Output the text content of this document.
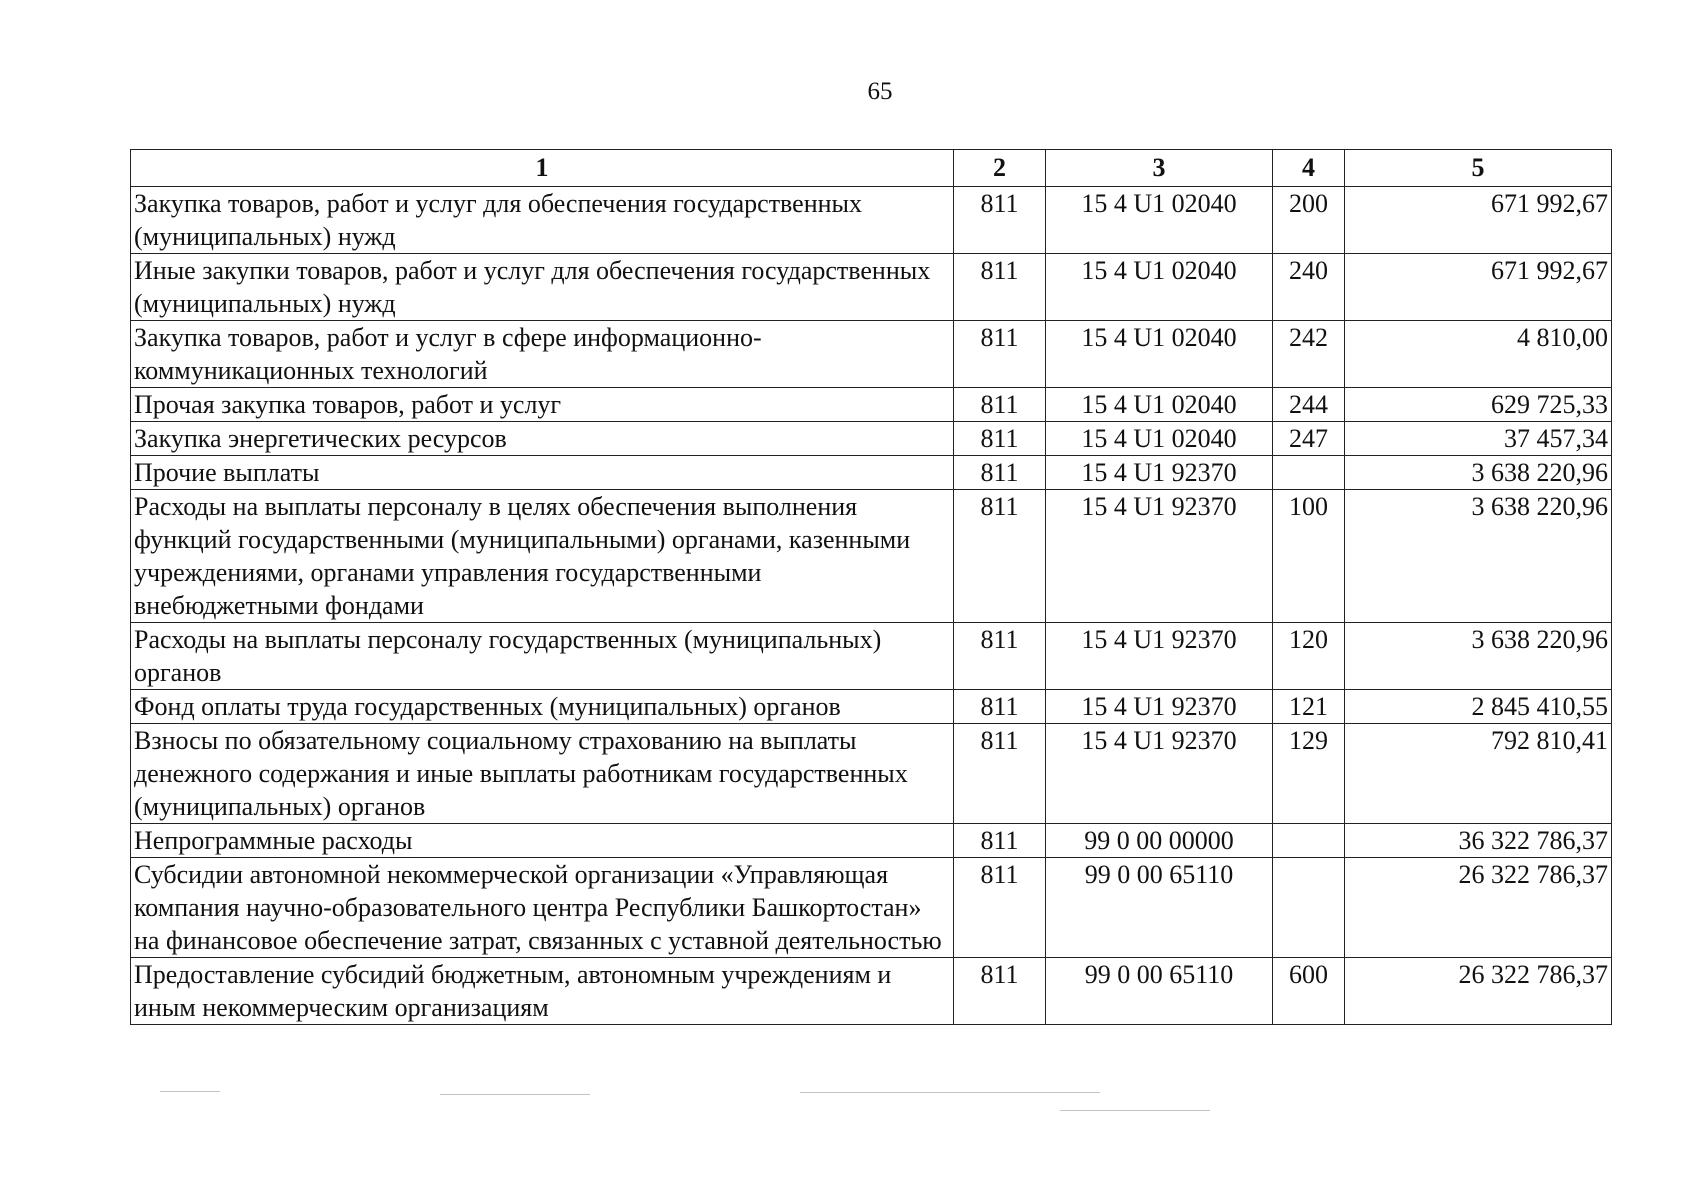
65
1	2	3	4	5
Закупка товаров, работ и услуг для обеспечения государственных (муниципальных) нужд	811	15 4 U1 02040	200	671 992,67
Иные закупки товаров, работ и услуг для обеспечения государственных (муниципальных) нужд	811	15 4 U1 02040	240	671 992,67
Закупка товаров, работ и услуг в сфере информационно-коммуникационных технологий	811	15 4 U1 02040	242	4 810,00
Прочая закупка товаров, работ и услуг	811	15 4 U1 02040	244	629 725,33
Закупка энергетических ресурсов	811	15 4 U1 02040	247	37 457,34
Прочие выплаты	811	15 4 U1 92370		3 638 220,96
Расходы на выплаты персоналу в целях обеспечения выполнения функций государственными (муниципальными) органами, казенными учреждениями, органами управления государственными внебюджетными фондами	811	15 4 U1 92370	100	3 638 220,96
Расходы на выплаты персоналу государственных (муниципальных) органов	811	15 4 U1 92370	120	3 638 220,96
Фонд оплаты труда государственных (муниципальных) органов	811	15 4 U1 92370	121	2 845 410,55
Взносы по обязательному социальному страхованию на выплаты денежного содержания и иные выплаты работникам государственных (муниципальных) органов	811	15 4 U1 92370	129	792 810,41
Непрограммные расходы	811	99 0 00 00000		36 322 786,37
Субсидии автономной некоммерческой организации «Управляющая компания научно-образовательного центра Республики Башкортостан» на финансовое обеспечение затрат, связанных с уставной деятельностью	811	99 0 00 65110		26 322 786,37
Предоставление субсидий бюджетным, автономным учреждениям и иным некоммерческим организациям	811	99 0 00 65110	600	26 322 786,37
